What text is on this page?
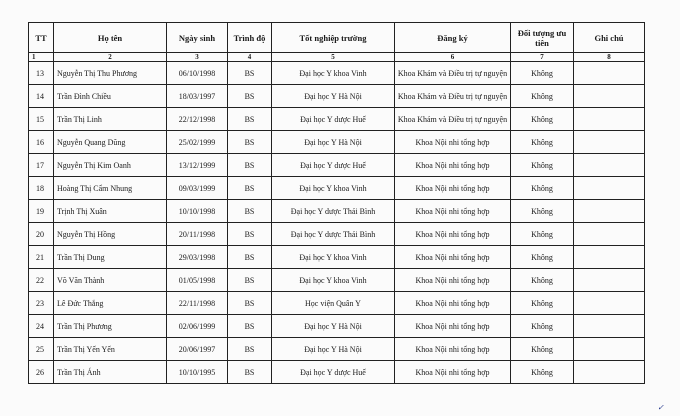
TT	Họ tên	Ngày sinh	Trình độ	Tốt nghiệp trường	Đăng ký	Đối tượng ưu tiên	Ghi chú
1	2	3	4	5	6	7	8
13	Nguyễn Thị Thu Phương	06/10/1998	BS	Đại học Y khoa Vinh	Khoa Khám và Điều trị tự nguyện	Không	
14	Trần Đình Chiều	18/03/1997	BS	Đại học Y Hà Nội	Khoa Khám và Điều trị tự nguyện	Không	
15	Trần Thị Linh	22/12/1998	BS	Đại học Y dược Huế	Khoa Khám và Điều trị tự nguyện	Không	
16	Nguyễn Quang Dũng	25/02/1999	BS	Đại học Y Hà Nội	Khoa Nội nhi tổng hợp	Không	
17	Nguyễn Thị Kim Oanh	13/12/1999	BS	Đại học Y dược Huế	Khoa Nội nhi tổng hợp	Không	
18	Hoàng Thị Cẩm Nhung	09/03/1999	BS	Đại học Y khoa Vinh	Khoa Nội nhi tổng hợp	Không	
19	Trịnh Thị Xuân	10/10/1998	BS	Đại học Y dược Thái Bình	Khoa Nội nhi tổng hợp	Không	
20	Nguyễn Thị Hồng	20/11/1998	BS	Đại học Y dược Thái Bình	Khoa Nội nhi tổng hợp	Không	
21	Trần Thị Dung	29/03/1998	BS	Đại học Y khoa Vinh	Khoa Nội nhi tổng hợp	Không	
22	Võ Văn Thành	01/05/1998	BS	Đại học Y khoa Vinh	Khoa Nội nhi tổng hợp	Không	
23	Lê Đức Thắng	22/11/1998	BS	Học viện Quân Y	Khoa Nội nhi tổng hợp	Không	
24	Trần Thị Phương	02/06/1999	BS	Đại học Y Hà Nội	Khoa Nội nhi tổng hợp	Không	
25	Trần Thị Yến Yến	20/06/1997	BS	Đại học Y Hà Nội	Khoa Nội nhi tổng hợp	Không	
26	Trần Thị Ánh	10/10/1995	BS	Đại học Y dược Huế	Khoa Nội nhi tổng hợp	Không	
✓
